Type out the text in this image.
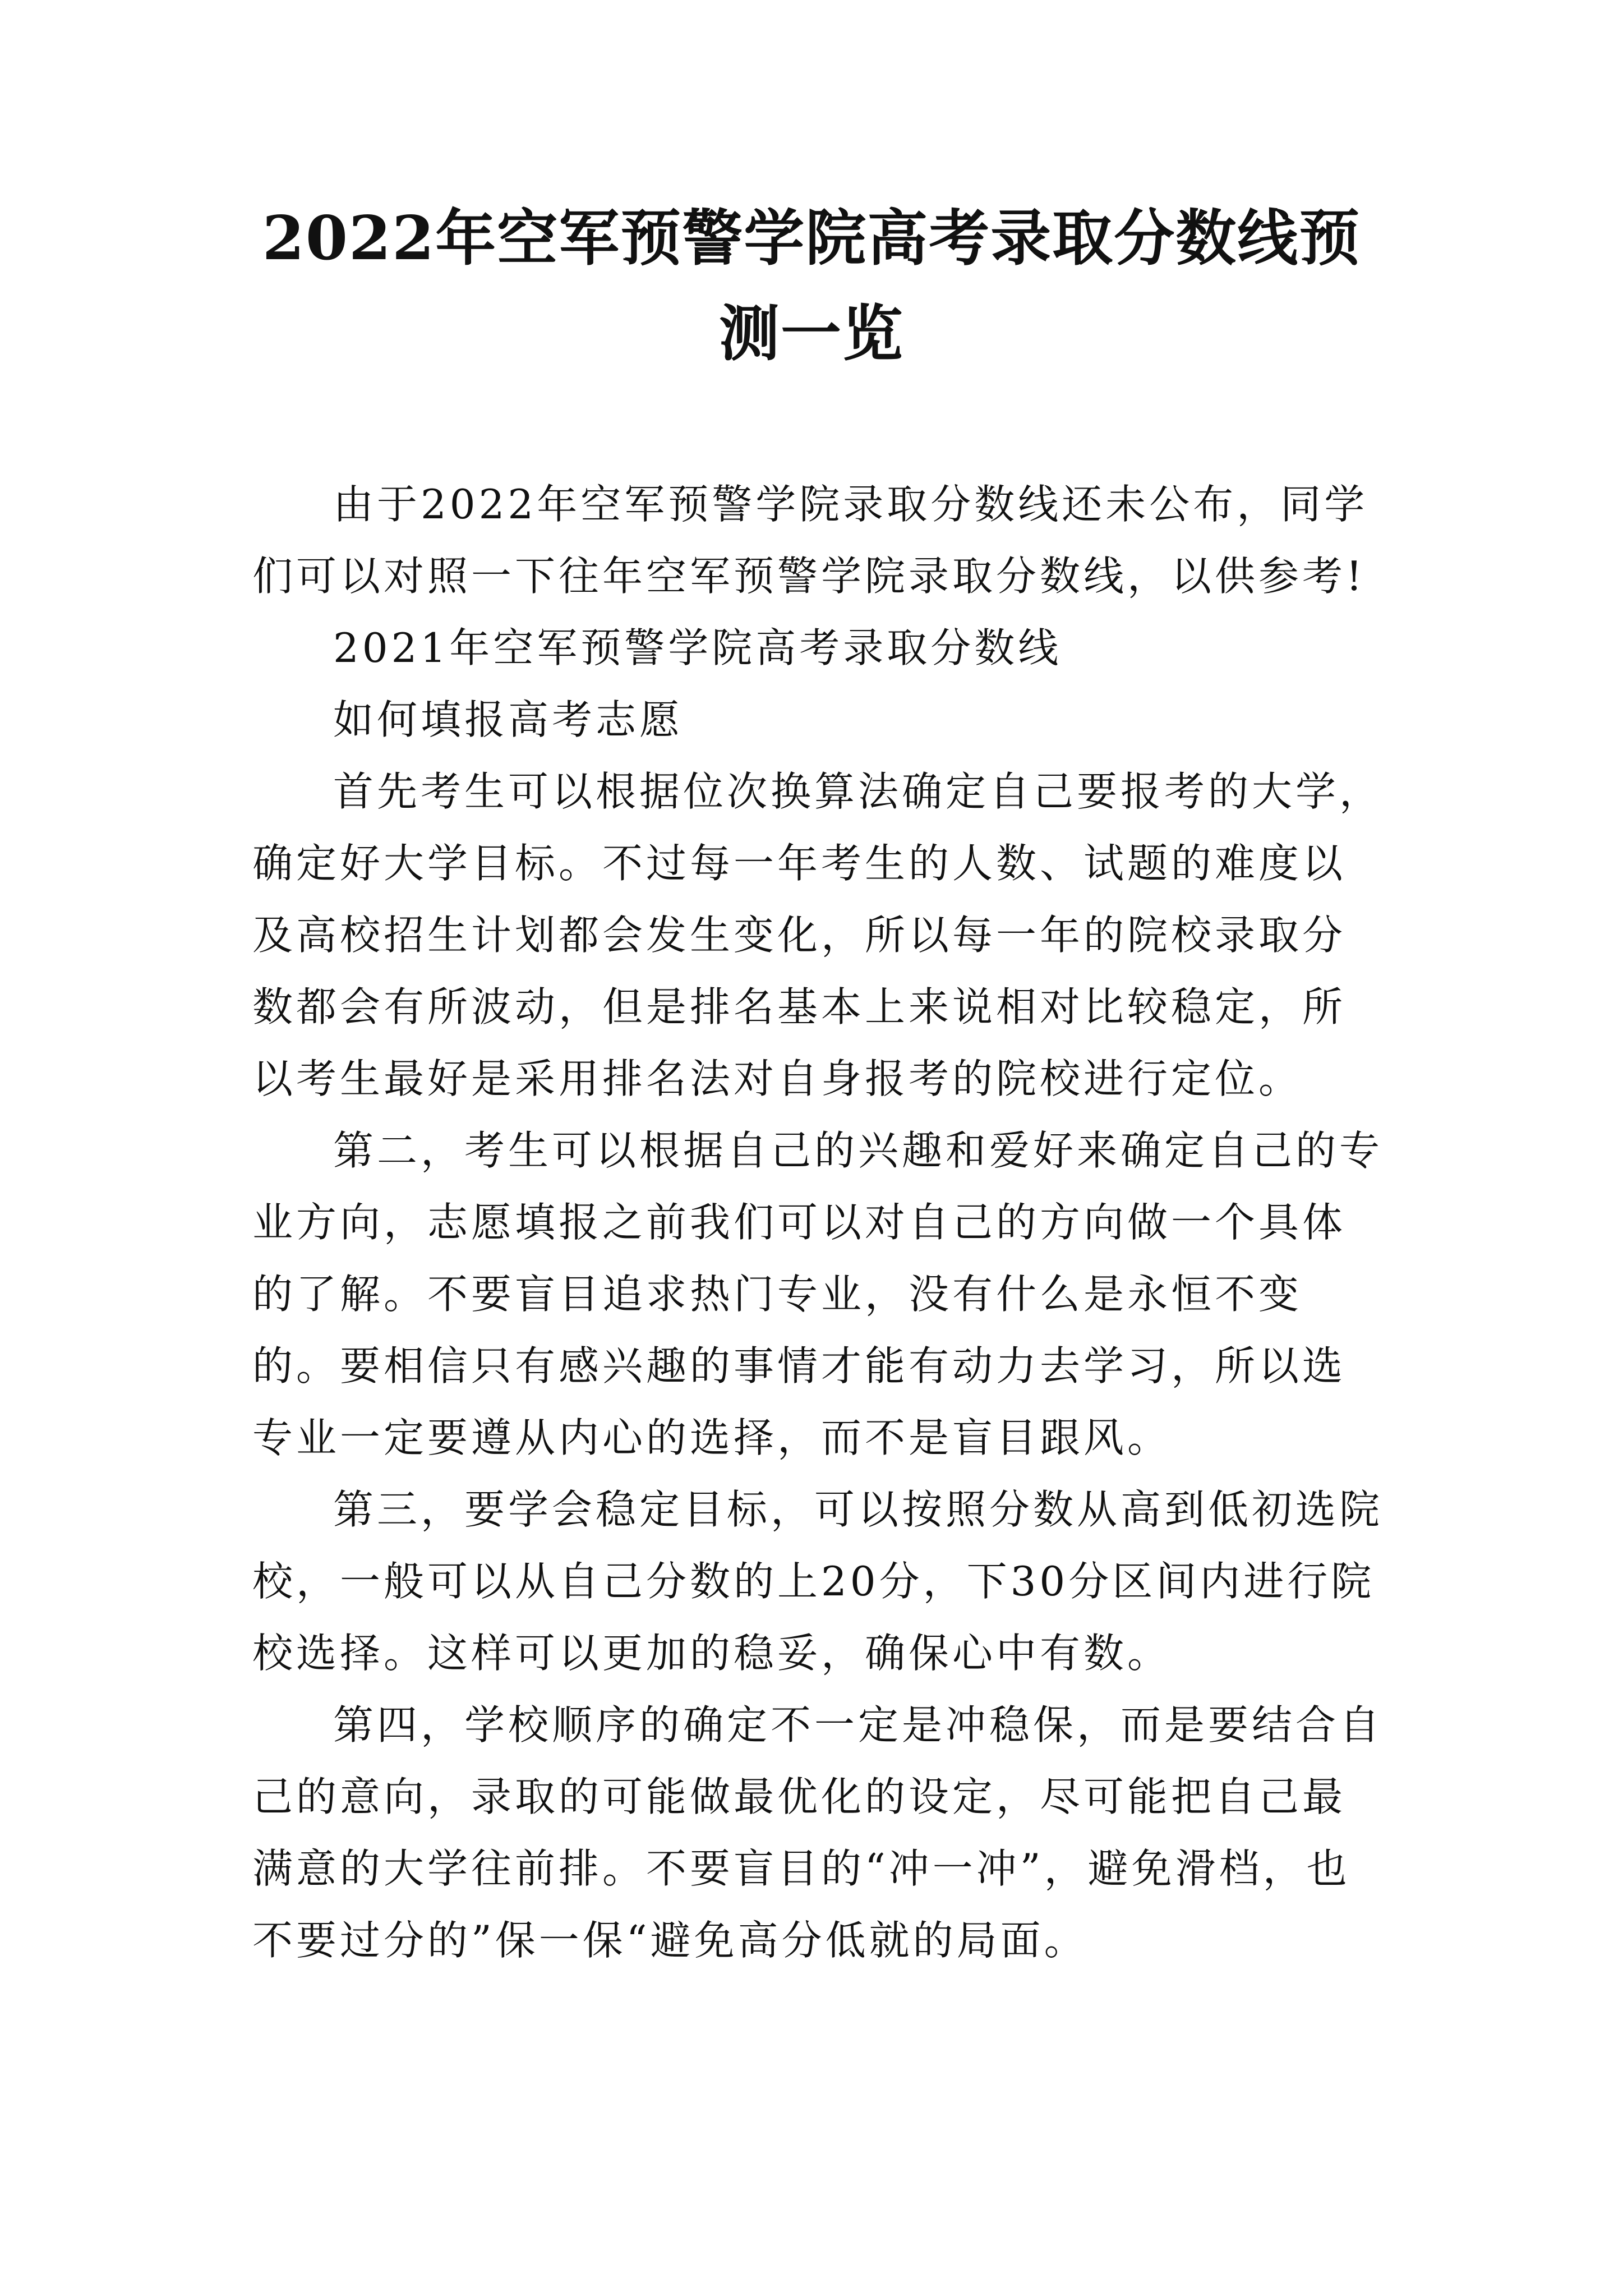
2022年空军预警学院高考录取分数线预测一览

由于2022年空军预警学院录取分数线还未公布，同学们可以对照一下往年空军预警学院录取分数线，以供参考!

2021年空军预警学院高考录取分数线

如何填报高考志愿

首先考生可以根据位次换算法确定自己要报考的大学，确定好大学目标。不过每一年考生的人数、试题的难度以及高校招生计划都会发生变化，所以每一年的院校录取分数都会有所波动，但是排名基本上来说相对比较稳定，所以考生最好是采用排名法对自身报考的院校进行定位。

第二，考生可以根据自己的兴趣和爱好来确定自己的专业方向，志愿填报之前我们可以对自己的方向做一个具体的了解。不要盲目追求热门专业，没有什么是永恒不变的。要相信只有感兴趣的事情才能有动力去学习，所以选专业一定要遵从内心的选择，而不是盲目跟风。

第三，要学会稳定目标，可以按照分数从高到低初选院校，一般可以从自己分数的上20分，下30分区间内进行院校选择。这样可以更加的稳妥，确保心中有数。

第四，学校顺序的确定不一定是冲稳保，而是要结合自己的意向，录取的可能做最优化的设定，尽可能把自己最满意的大学往前排。不要盲目的“冲一冲”，避免滑档，也不要过分的”保一保“避免高分低就的局面。
